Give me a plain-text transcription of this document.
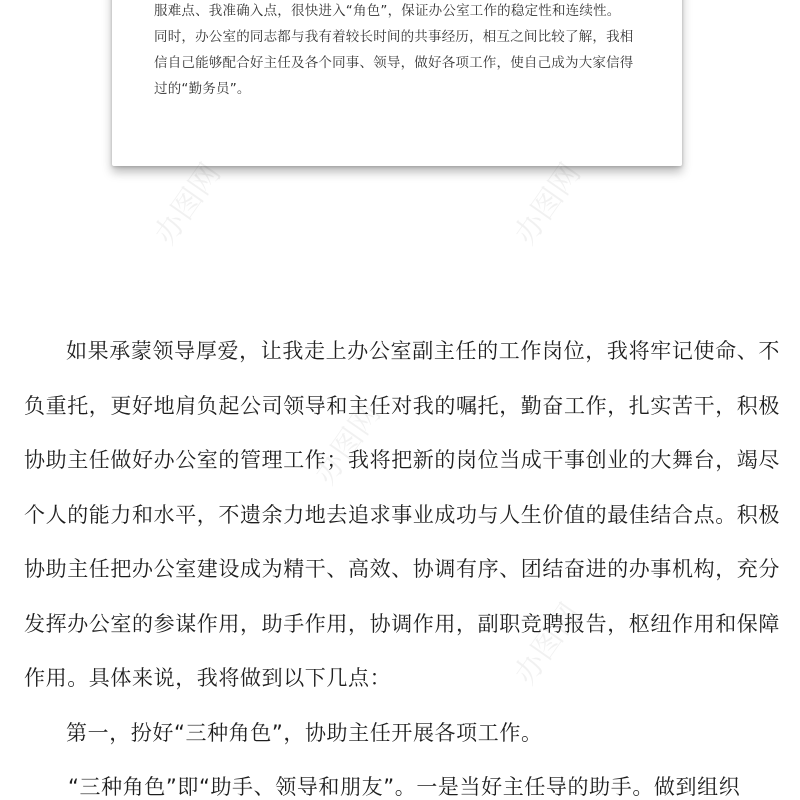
服难点、我准确入点，很快进入“角色”，保证办公室工作的稳定性和连续性。

同时，办公室的同志都与我有着较长时间的共事经历，相互之间比较了解，我相

信自己能够配合好主任及各个同事、领导，做好各项工作，使自己成为大家信得

过的“勤务员”。

办图网	办图网
办图网
办图网

如果承蒙领导厚爱，让我走上办公室副主任的工作岗位，我将牢记使命、不负重托，更好地肩负起公司领导和主任对我的嘱托，勤奋工作，扎实苦干，积极协助主任做好办公室的管理工作；我将把新的岗位当成干事创业的大舞台，竭尽个人的能力和水平，不遗余力地去追求事业成功与人生价值的最佳结合点。积极协助主任把办公室建设成为精干、高效、协调有序、团结奋进的办事机构，充分发挥办公室的参谋作用，助手作用，协调作用，副职竞聘报告，枢纽作用和保障作用。具体来说，我将做到以下几点：

第一，扮好“三种角色”，协助主任开展各项工作。

“三种角色”即“助手、领导和朋友”。一是当好主任导的助手。做到组织
